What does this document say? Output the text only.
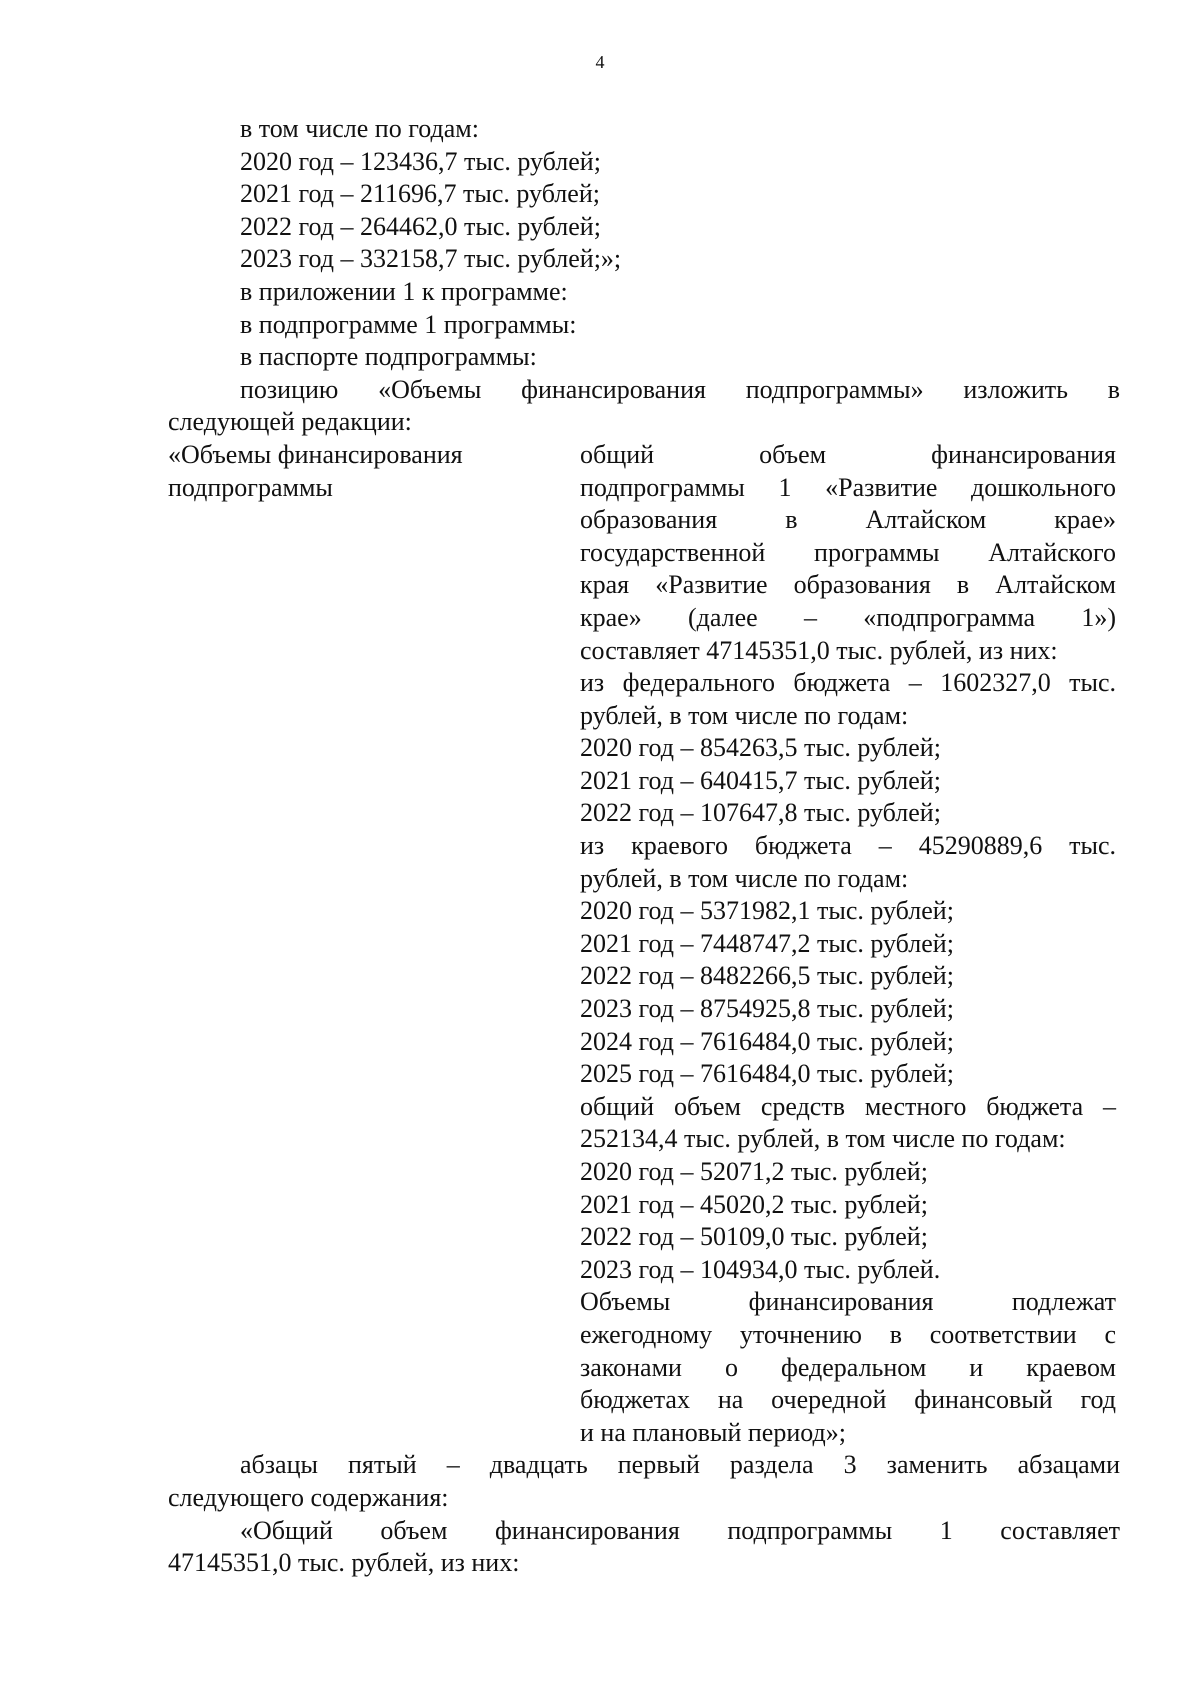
4
в том числе по годам:
2020 год – 123436,7 тыс. рублей;
2021 год – 211696,7 тыс. рублей;
2022 год – 264462,0 тыс. рублей;
2023 год – 332158,7 тыс. рублей;»;
в приложении 1 к программе:
в подпрограмме 1 программы:
в паспорте подпрограммы:
позицию «Объемы финансирования подпрограммы» изложить в
следующей редакции:
«Объемы финансирования
подпрограммы
общий объем финансирования
подпрограммы 1 «Развитие дошкольного
образования в Алтайском крае»
государственной программы Алтайского
края «Развитие образования в Алтайском
крае» (далее – «подпрограмма 1»)
составляет 47145351,0 тыс. рублей, из них:
из федерального бюджета – 1602327,0 тыс.
рублей, в том числе по годам:
2020 год – 854263,5 тыс. рублей;
2021 год – 640415,7 тыс. рублей;
2022 год – 107647,8 тыс. рублей;
из краевого бюджета – 45290889,6 тыс.
рублей, в том числе по годам:
2020 год – 5371982,1 тыс. рублей;
2021 год – 7448747,2 тыс. рублей;
2022 год – 8482266,5 тыс. рублей;
2023 год – 8754925,8 тыс. рублей;
2024 год – 7616484,0 тыс. рублей;
2025 год – 7616484,0 тыс. рублей;
общий объем средств местного бюджета –
252134,4 тыс. рублей, в том числе по годам:
2020 год – 52071,2 тыс. рублей;
2021 год – 45020,2 тыс. рублей;
2022 год – 50109,0 тыс. рублей;
2023 год – 104934,0 тыс. рублей.
Объемы финансирования подлежат
ежегодному уточнению в соответствии с
законами о федеральном и краевом
бюджетах на очередной финансовый год
и на плановый период»;
абзацы пятый – двадцать первый раздела 3 заменить абзацами
следующего содержания:
«Общий объем финансирования подпрограммы 1 составляет
47145351,0 тыс. рублей, из них:
